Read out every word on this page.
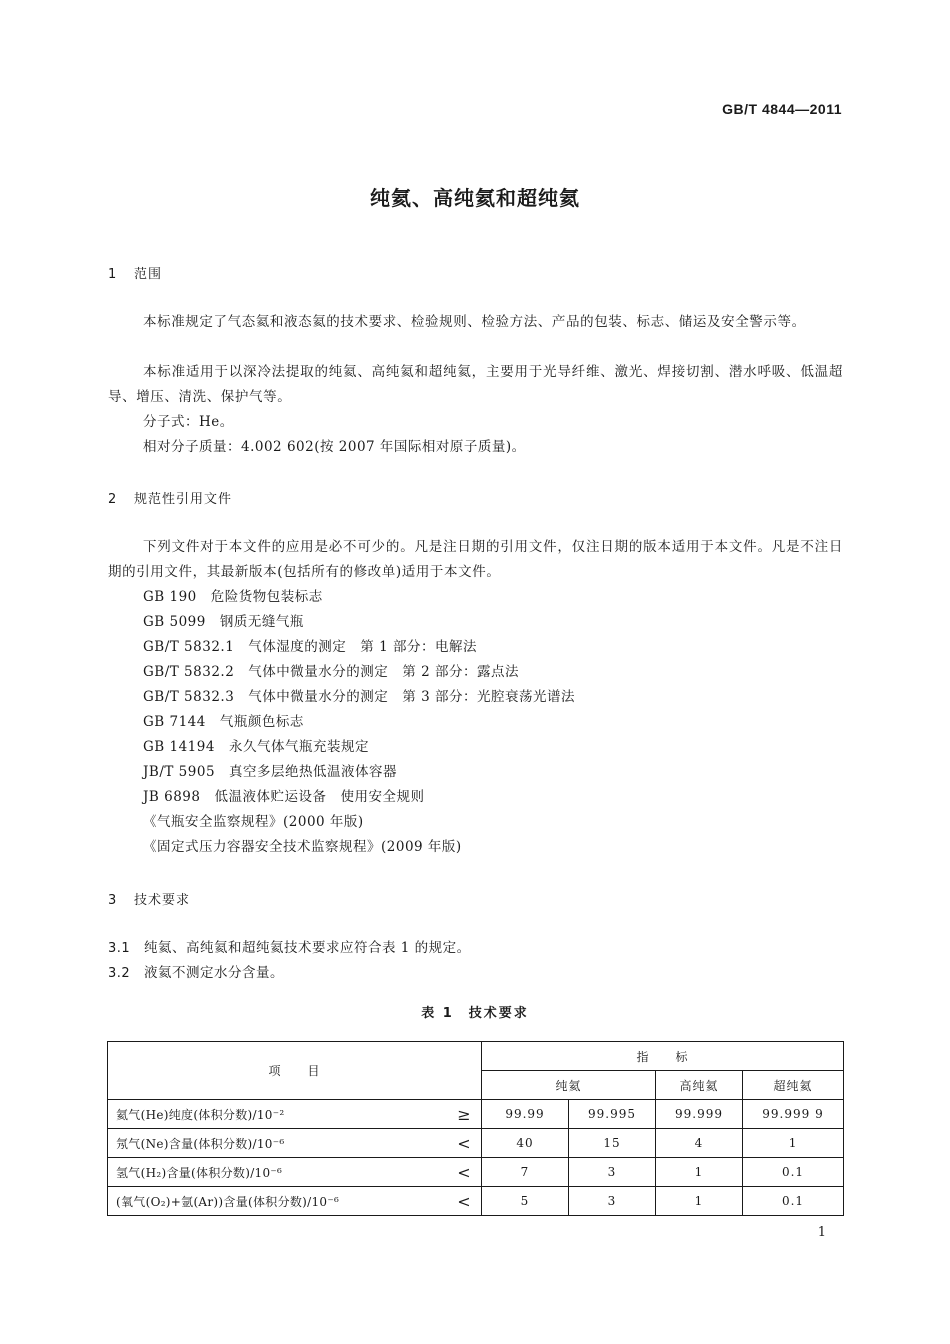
GB/T 4844—2011
纯氦、高纯氦和超纯氦
1 范围
本标准规定了气态氦和液态氦的技术要求、检验规则、检验方法、产品的包装、标志、储运及安全警示等。
本标准适用于以深冷法提取的纯氦、高纯氦和超纯氦，主要用于光导纤维、激光、焊接切割、潜水呼吸、低温超导、增压、清洗、保护气等。
分子式：He。
相对分子质量：4.002 602(按 2007 年国际相对原子质量)。
2 规范性引用文件
下列文件对于本文件的应用是必不可少的。凡是注日期的引用文件，仅注日期的版本适用于本文件。凡是不注日期的引用文件，其最新版本(包括所有的修改单)适用于本文件。
GB 190　 危险货物包装标志
GB 5099　 钢质无缝气瓶
GB/T 5832.1　 气体湿度的测定　第 1 部分：电解法
GB/T 5832.2　 气体中微量水分的测定　第 2 部分：露点法
GB/T 5832.3　 气体中微量水分的测定　第 3 部分：光腔衰荡光谱法
GB 7144　 气瓶颜色标志
GB 14194　 永久气体气瓶充装规定
JB/T 5905　 真空多层绝热低温液体容器
JB 6898　 低温液体贮运设备　使用安全规则
《气瓶安全监察规程》(2000 年版)
《固定式压力容器安全技术监察规程》(2009 年版)
3 技术要求
3.1 纯氦、高纯氦和超纯氦技术要求应符合表 1 的规定。
3.2 液氦不测定水分含量。
表 1　技术要求
项　　目	指　　标			
	纯氦		高纯氦	超纯氦
氦气(He)纯度(体积分数)/10⁻² ≥	99.99	99.995	99.999	99.999 9
氖气(Ne)含量(体积分数)/10⁻⁶ <	40	15	4	1
氢气(H₂)含量(体积分数)/10⁻⁶ <	7	3	1	0.1
(氧气(O₂)+氩(Ar))含量(体积分数)/10⁻⁶ <	5	3	1	0.1
1
